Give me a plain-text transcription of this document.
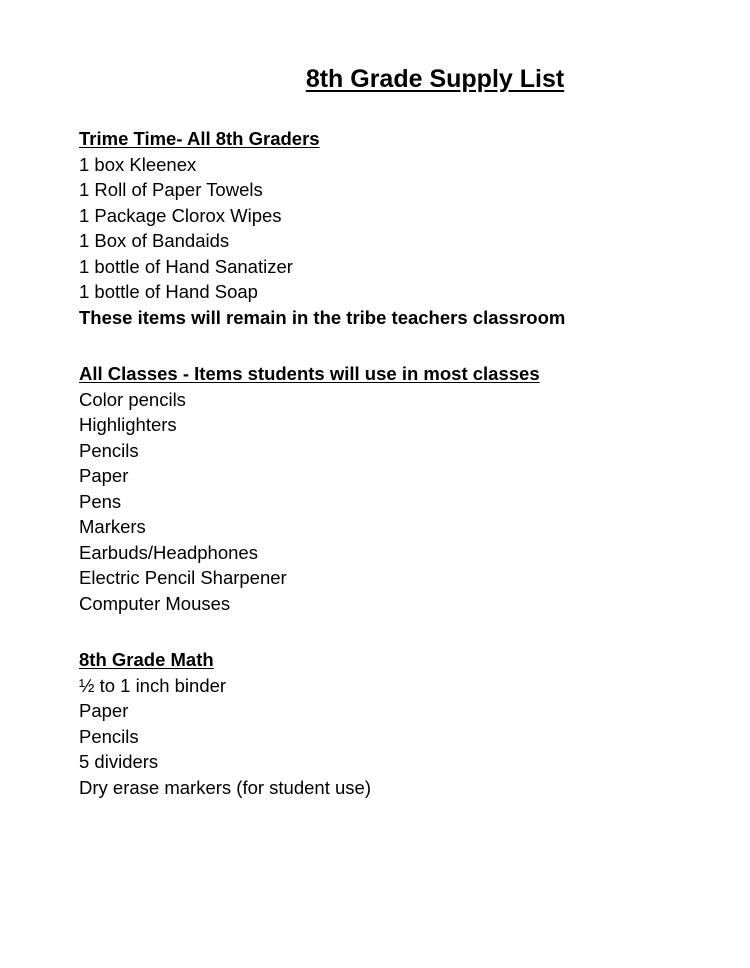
8th Grade Supply List
Trime Time- All 8th Graders
1 box Kleenex
1 Roll of Paper Towels
1 Package Clorox Wipes
1 Box of Bandaids
1 bottle of Hand Sanatizer
1 bottle of Hand Soap
These items will remain in the tribe teachers classroom
All Classes - Items students will use in most classes
Color pencils
Highlighters
Pencils
Paper
Pens
Markers
Earbuds/Headphones
Electric Pencil Sharpener
Computer Mouses
8th Grade Math
½ to 1 inch binder
Paper
Pencils
5 dividers
Dry erase markers (for student use)
